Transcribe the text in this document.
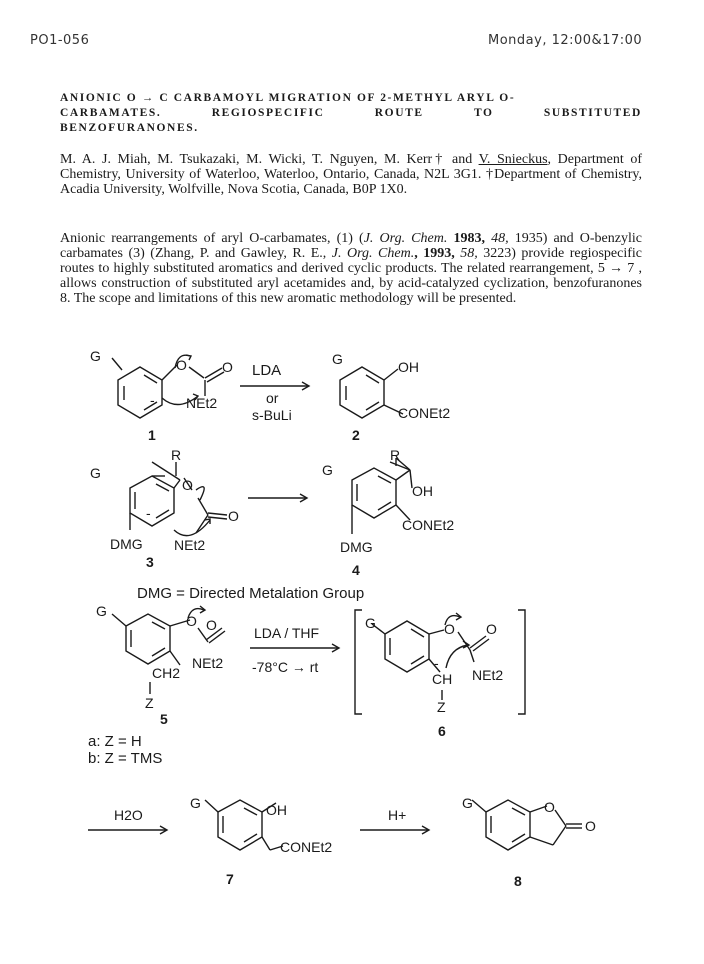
PO1-056	Monday, 12:00&17:00
ANIONIC O → C CARBAMOYL MIGRATION OF 2-METHYL ARYL O-
CARBAMATES.	REGIOSPECIFIC	ROUTE	TO	SUBSTITUTED
BENZOFURANONES.
M. A. J. Miah, M. Tsukazaki, M. Wicki, T. Nguyen, M. Kerr† and V. Snieckus, Department of Chemistry, University of Waterloo, Waterloo, Ontario, Canada, N2L 3G1. †Department of Chemistry, Acadia University, Wolfville, Nova Scotia, Canada, B0P 1X0.
Anionic rearrangements of aryl O-carbamates, (1) (J. Org. Chem. 1983, 48, 1935) and O-benzylic carbamates (3) (Zhang, P. and Gawley, R. E., J. Org. Chem., 1993, 58, 3223) provide regiospecific routes to highly substituted aromatics and derived cyclic products. The related rearrangement, 5 → 7 , allows construction of substituted aryl acetamides and, by acid-catalyzed cyclization, benzofuranones 8. The scope and limitations of this new aromatic methodology will be presented.
G
O	O
- NEt2
LDA
or
s-BuLi
1
OH
CONEt2
2
G
R
G
O
O
-
NEt2
DMG
3
R
G
OH
CONEt2
DMG
4
DMG = Directed Metalation Group
G
O O
NEt2
CH2
Z
LDA / THF
-78°C → rt
5
G	O O
CH
-
NEt2
Z
6
a: Z = H
b: Z = TMS
H2O
G	OH
CONEt2
7
H+
G	O
O
8
